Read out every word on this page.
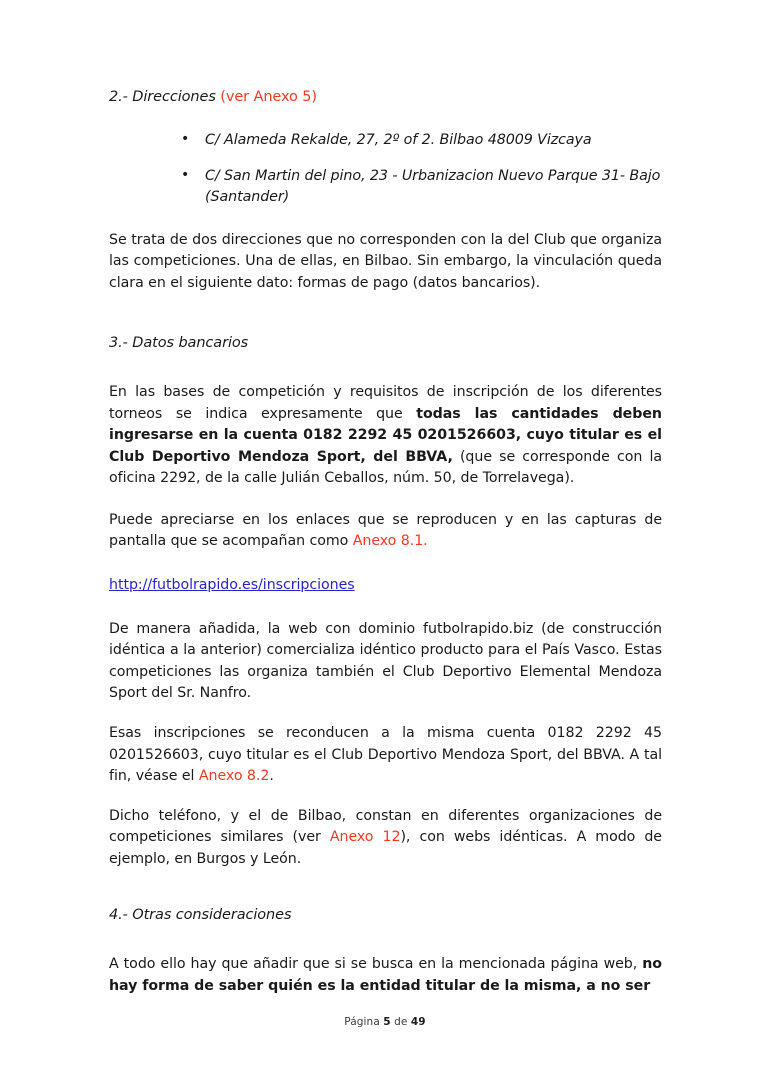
2.- Direcciones (ver Anexo 5)
• C/ Alameda Rekalde, 27, 2º of 2. Bilbao 48009 Vizcaya
• C/ San Martin del pino, 23 - Urbanizacion Nuevo Parque 31- Bajo (Santander)

Se trata de dos direcciones que no corresponden con la del Club que organiza las competiciones. Una de ellas, en Bilbao. Sin embargo, la vinculación queda clara en el siguiente dato: formas de pago (datos bancarios).

3.- Datos bancarios

En las bases de competición y requisitos de inscripción de los diferentes torneos se indica expresamente que todas las cantidades deben ingresarse en la cuenta 0182 2292 45 0201526603, cuyo titular es el Club Deportivo Mendoza Sport, del BBVA, (que se corresponde con la oficina 2292, de la calle Julián Ceballos, núm. 50, de Torrelavega).

Puede apreciarse en los enlaces que se reproducen y en las capturas de pantalla que se acompañan como Anexo 8.1.

http://futbolrapido.es/inscripciones

De manera añadida, la web con dominio futbolrapido.biz (de construcción idéntica a la anterior) comercializa idéntico producto para el País Vasco. Estas competiciones las organiza también el Club Deportivo Elemental Mendoza Sport del Sr. Nanfro.

Esas inscripciones se reconducen a la misma cuenta 0182 2292 45 0201526603, cuyo titular es el Club Deportivo Mendoza Sport, del BBVA. A tal fin, véase el Anexo 8.2.

Dicho teléfono, y el de Bilbao, constan en diferentes organizaciones de competiciones similares (ver Anexo 12), con webs idénticas. A modo de ejemplo, en Burgos y León.

4.- Otras consideraciones

A todo ello hay que añadir que si se busca en la mencionada página web, no hay forma de saber quién es la entidad titular de la misma, a no ser

Página 5 de 49
